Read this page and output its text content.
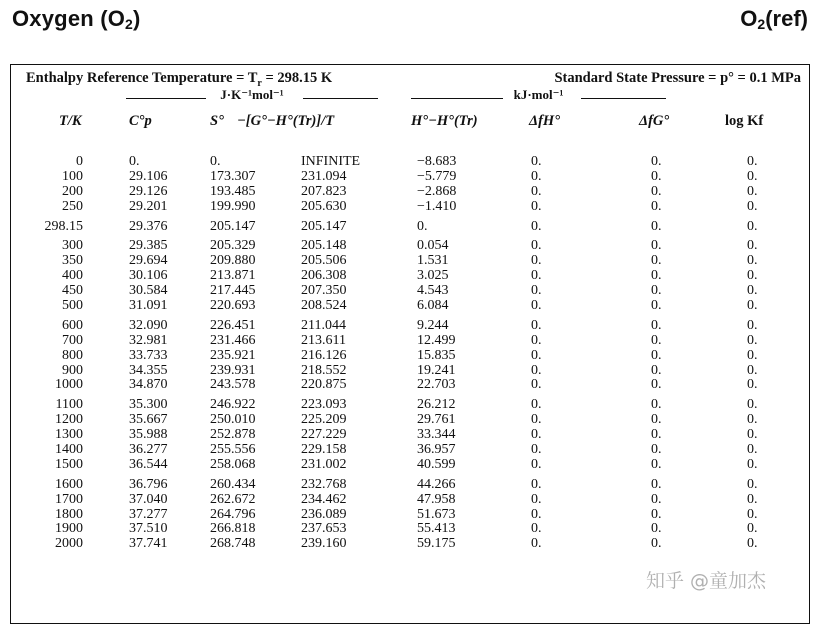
Oxygen $(O_2)$	$O_2(ref)$
Enthalpy Reference Temperature = $T_r = 298.15$ K	Standard State Pressure = p° = 0.1 MPa
J·K⁻¹mol⁻¹	kJ·mol⁻¹
T/K	C°p	S° −[G°−H°(Tr)]/T	H°−H°(Tr)	ΔfH°	ΔfG°	log Kf
0	0.	0.	INFINITE	−8.683	0.	0.	0.
100	29.106	173.307	231.094	−5.779	0.	0.	0.
200	29.126	193.485	207.823	−2.868	0.	0.	0.
250	29.201	199.990	205.630	−1.410	0.	0.	0.
298.15	29.376	205.147	205.147	0.	0.	0.	0.
300	29.385	205.329	205.148	0.054	0.	0.	0.
350	29.694	209.880	205.506	1.531	0.	0.	0.
400	30.106	213.871	206.308	3.025	0.	0.	0.
450	30.584	217.445	207.350	4.543	0.	0.	0.
500	31.091	220.693	208.524	6.084	0.	0.	0.
600	32.090	226.451	211.044	9.244	0.	0.	0.
700	32.981	231.466	213.611	12.499	0.	0.	0.
800	33.733	235.921	216.126	15.835	0.	0.	0.
900	34.355	239.931	218.552	19.241	0.	0.	0.
1000	34.870	243.578	220.875	22.703	0.	0.	0.
1100	35.300	246.922	223.093	26.212	0.	0.	0.
1200	35.667	250.010	225.209	29.761	0.	0.	0.
1300	35.988	252.878	227.229	33.344	0.	0.	0.
1400	36.277	255.556	229.158	36.957	0.	0.	0.
1500	36.544	258.068	231.002	40.599	0.	0.	0.
1600	36.796	260.434	232.768	44.266	0.	0.	0.
1700	37.040	262.672	234.462	47.958	0.	0.	0.
1800	37.277	264.796	236.089	51.673	0.	0.	0.
1900	37.510	266.818	237.653	55.413	0.	0.	0.
2000	37.741	268.748	239.160	59.175	0.	0.	0.
知乎 @童加杰
